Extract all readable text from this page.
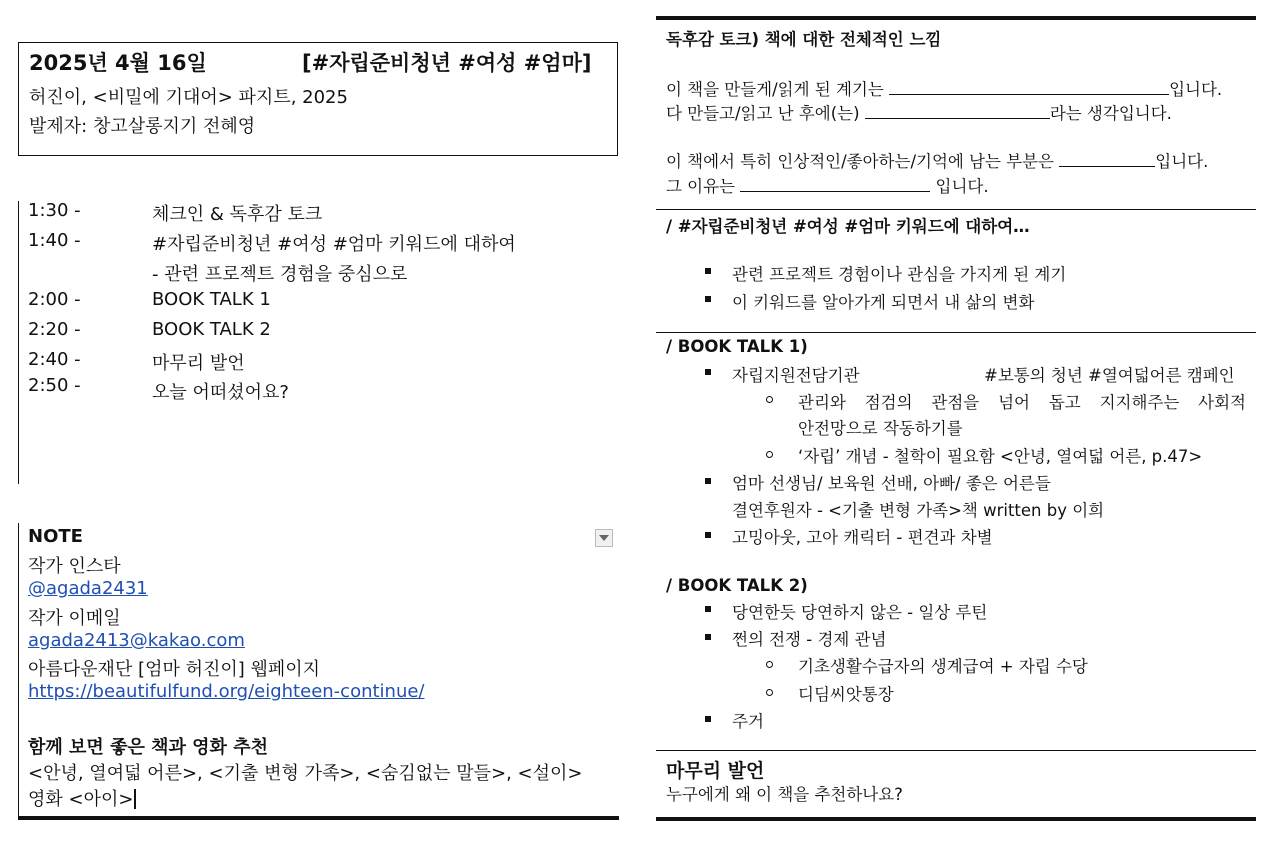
2025년 4월 16일	[#자립준비청년 #여성 #엄마]
허진이, <비밀에 기대어> 파지트, 2025
발제자: 창고살롱지기 전혜영
1:30 -	체크인 & 독후감 토크
1:40 -	#자립준비청년 #여성 #엄마 키워드에 대하여
- 관련 프로젝트 경험을 중심으로
2:00 -	BOOK TALK 1
2:20 -	BOOK TALK 2
2:40 -	마무리 발언
2:50 -	오늘 어떠셨어요?
NOTE
작가 인스타
@agada2431
작가 이메일
agada2413@kakao.com
아름다운재단 [엄마 허진이] 웹페이지
https://beautifulfund.org/eighteen-continue/
함께 보면 좋은 책과 영화 추천
<안녕, 열여덟 어른>, <기출 변형 가족>, <숨김없는 말들>, <설이>
영화 <아이>
독후감 토크) 책에 대한 전체적인 느낌
이 책을 만들게/읽게 된 계기는	입니다.
다 만들고/읽고 난 후에(는)	라는 생각입니다.
이 책에서 특히 인상적인/좋아하는/기억에 남는 부분은	입니다.
그 이유는	입니다.
/ #자립준비청년 #여성 #엄마 키워드에 대하여…
관련 프로젝트 경험이나 관심을 가지게 된 계기
이 키워드를 알아가게 되면서 내 삶의 변화
/ BOOK TALK 1)
자립지원전담기관	#보통의 청년 #열여덟어른 캠페인
관리와 점검의 관점을 넘어 돕고 지지해주는 사회적
안전망으로 작동하기를
‘자립’ 개념 - 철학이 필요함 <안녕, 열여덟 어른, p.47>
엄마 선생님/ 보육원 선배, 아빠/ 좋은 어른들
결연후원자 - <기출 변형 가족>책 written by 이희
고밍아웃, 고아 캐릭터 - 편견과 차별
/ BOOK TALK 2)
당연한듯 당연하지 않은 - 일상 루틴
쩐의 전쟁 - 경제 관념
기초생활수급자의 생계급여 + 자립 수당
디딤씨앗통장
주거
마무리 발언
누구에게 왜 이 책을 추천하나요?
